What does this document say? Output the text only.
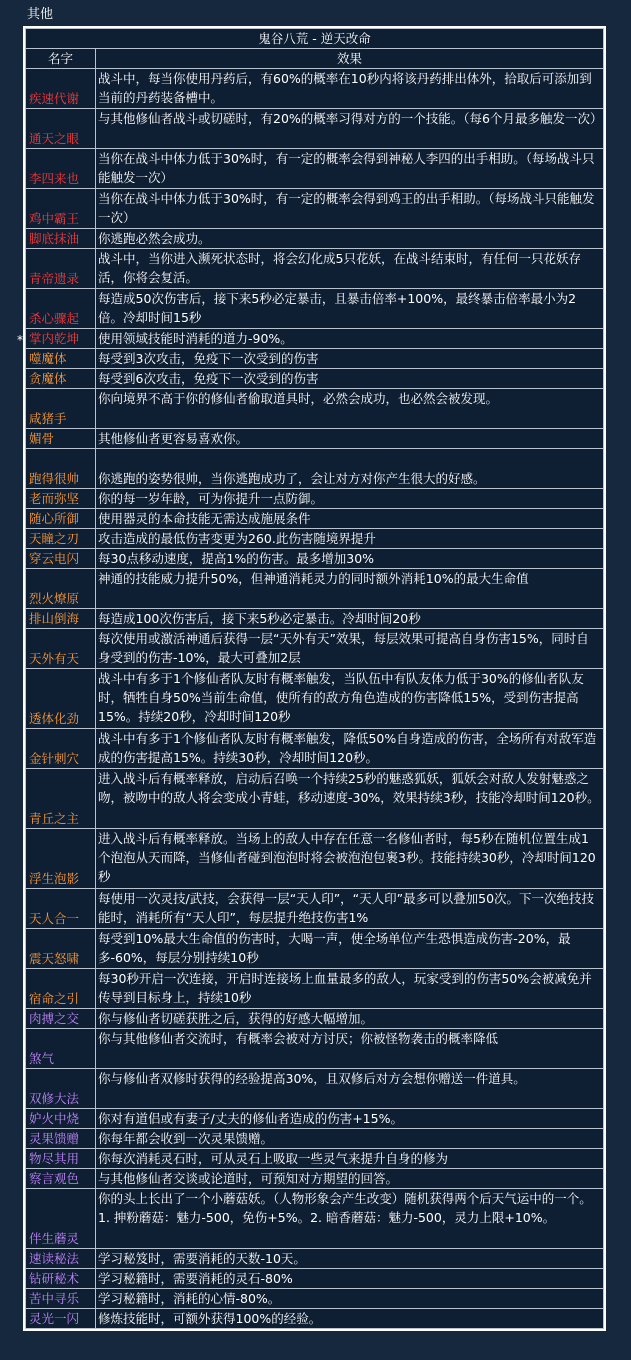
其他
鬼谷八荒 - 逆天改命	
名字	效果
疾速代谢	战斗中，每当你使用丹药后，有60%的概率在10秒内将该丹药排出体外，拾取后可添加到当前的丹药装备槽中。
通天之眼	与其他修仙者战斗或切磋时，有20%的概率习得对方的一个技能。（每6个月最多触发一次）
李四来也	当你在战斗中体力低于30%时，有一定的概率会得到神秘人李四的出手相助。（每场战斗只能触发一次）
鸡中霸王	当你在战斗中体力低于30%时，有一定的概率会得到鸡王的出手相助。（每场战斗只能触发一次）
脚底抹油	你逃跑必然会成功。
青帝遗录	战斗中，当你进入濒死状态时，将会幻化成5只花妖，在战斗结束时，有任何一只花妖存活，你将会复活。
杀心骤起	每造成50次伤害后，接下来5秒必定暴击，且暴击倍率+100%，最终暴击倍率最小为2倍。冷却时间15秒
掌内乾坤	使用领域技能时消耗的道力-90%。
噬魔体	每受到3次攻击，免疫下一次受到的伤害
贪魔体	每受到6次攻击，免疫下一次受到的伤害
咸猪手	你向境界不高于你的修仙者偷取道具时，必然会成功，也必然会被发现。
媚骨	其他修仙者更容易喜欢你。
跑得很帅	你逃跑的姿势很帅，当你逃跑成功了，会让对方对你产生很大的好感。
老而弥坚	你的每一岁年龄，可为你提升一点防御。
随心所御	使用器灵的本命技能无需达成施展条件
天瞳之刃	攻击造成的最低伤害变更为260.此伤害随境界提升
穿云电闪	每30点移动速度，提高1%的伤害。最多增加30%
烈火燎原	神通的技能威力提升50%，但神通消耗灵力的同时额外消耗10%的最大生命值
排山倒海	每造成100次伤害后，接下来5秒必定暴击。冷却时间20秒
天外有天	每次使用或激活神通后获得一层“天外有天”效果，每层效果可提高自身伤害15%，同时自身受到的伤害-10%，最大可叠加2层
透体化劲	战斗中有多于1个修仙者队友时有概率触发，当队伍中有队友体力低于30%的修仙者队友时，牺牲自身50%当前生命值，使所有的敌方角色造成的伤害降低15%，受到伤害提高15%。持续20秒，冷却时间120秒
金针刺穴	战斗中有多于1个修仙者队友时有概率触发，降低50%自身造成的伤害，全场所有对敌军造成的伤害提高15%。持续30秒，冷却时间120秒。
青丘之主	进入战斗后有概率释放，启动后召唤一个持续25秒的魅惑狐妖，狐妖会对敌人发射魅惑之吻，被吻中的敌人将会变成小青蛙，移动速度-30%，效果持续3秒，技能冷却时间120秒。
浮生泡影	进入战斗后有概率释放。当场上的敌人中存在任意一名修仙者时，每5秒在随机位置生成1个泡泡从天而降，当修仙者碰到泡泡时将会被泡泡包裹3秒。技能持续30秒，冷却时间120秒
天人合一	每使用一次灵技/武技，会获得一层“天人印”，“天人印”最多可以叠加50次。下一次绝技技能时，消耗所有“天人印”，每层提升绝技伤害1%
震天怒啸	每受到10%最大生命值的伤害时，大喝一声，使全场单位产生恐惧造成伤害-20%，最多-60%，每层分别持续10秒
宿命之引	每30秒开启一次连接，开启时连接场上血量最多的敌人，玩家受到的伤害50%会被减免并传导到目标身上，持续10秒
肉搏之交	你与修仙者切磋获胜之后，获得的好感大幅增加。
煞气	你与其他修仙者交流时，有概率会被对方讨厌；你被怪物袭击的概率降低
双修大法	你与修仙者双修时获得的经验提高30%，且双修后对方会想你赠送一件道具。
妒火中烧	你对有道侣或有妻子/丈夫的修仙者造成的伤害+15%。
灵果馈赠	你每年都会收到一次灵果馈赠。
物尽其用	你每次消耗灵石时，可从灵石上吸取一些灵气来提升自身的修为
察言观色	与其他修仙者交谈或论道时，可预知对方期望的回答。
伴生蘑灵	你的头上长出了一个小蘑菇妖。（人物形象会产生改变）随机获得两个后天气运中的一个。1. 抻粉蘑菇：魅力-500，免伤+5%。2. 暗香蘑菇：魅力-500，灵力上限+10%。
速读秘法	学习秘笈时，需要消耗的天数-10天。
钻研秘术	学习秘籍时，需要消耗的灵石-80%
苦中寻乐	学习秘籍时，消耗的心情-80%。
灵光一闪	修炼技能时，可额外获得100%的经验。
*
